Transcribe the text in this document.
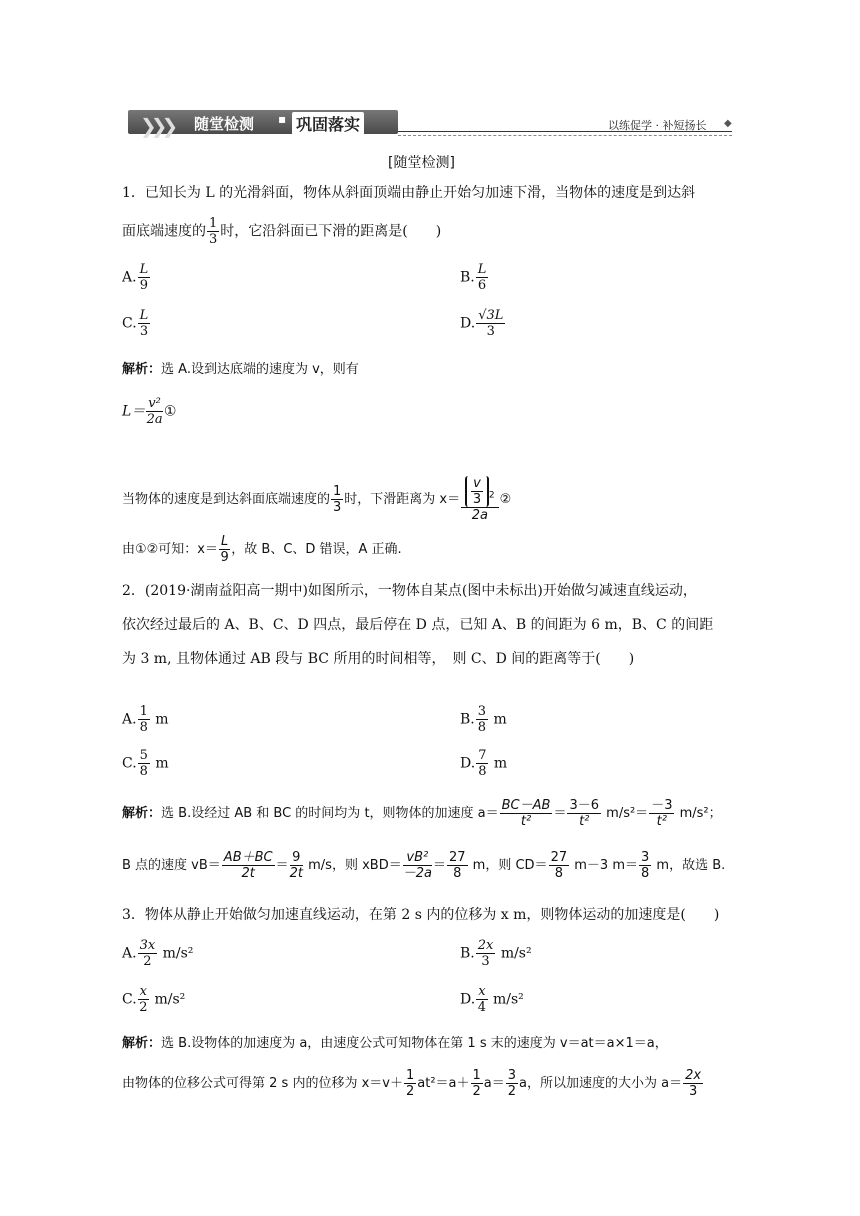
❯❯❯ 随堂检测 ▪ 巩固落实	以练促学 · 补短扬长 ◆
[随堂检测]
1．已知长为 L 的光滑斜面，物体从斜面顶端由静止开始匀加速下滑，当物体的速度是到达斜
面底端速度的 $\frac{1}{3}$ 时，它沿斜面已下滑的距离是(　　)
A. $\frac{L}{9}$	B. $\frac{L}{6}$
C. $\frac{L}{3}$	D. $\frac{√3L}{3}$
解析：选 A.设到达底端的速度为 v，则有
$L= \frac{\text{v²}}{2a}$ ①
当物体的速度是到达斜面底端速度的 $\frac{1}{3}$ 时，下滑距离为 x＝ v
3 $^2$
2a ②
由①②可知：$x= \frac{L}{9}$ ，故 B、C、D 错误，A 正确.
2．(2019·湖南益阳高一期中)如图所示，一物体自某点(图中未标出)开始做匀减速直线运动，
依次经过最后的 A、B、C、D 四点，最后停在 D 点，已知 A、B 的间距为 6 m，B、C 的间距
为 3 m, 且物体通过 AB 段与 BC 所用的时间相等，　则 C、D 间的距离等于(　　)
A. $\frac{1}{8}$ m	B. $\frac{3}{8}$ m
C. $\frac{5}{8}$ m	D. $\frac{7}{8}$ m
解析：选 B.设经过 AB 和 BC 的时间均为 t，则物体的加速度 $a= \frac{BC-AB}{\text{t²}} = \frac{3-6}{\text{t²}} m/s^2= \frac{-3}{\text{t²}} m/s^2$；
B 点的速度 $vB= \frac{AB+BC}{2t} = \frac{9}{2t} m/s$，则 $xBD= \frac{\text{vB²}}{-2a} = \frac{27}{8}$ m，则 $CD= \frac{27}{8} m-3$ $m= \frac{3}{8}$ m，故选 B.
3．物体从静止开始做匀加速直线运动，在第 2 s 内的位移为 x m，则物体运动的加速度是(　　)
A. $\frac{3x}{2} m/s^2$	B. $\frac{2x}{3} m/s^2$
C. $\frac{x}{2} m/s^2$	D. $\frac{x}{4} m/s^2$
解析：选 B.设物体的加速度为 a，由速度公式可知物体在第 1 s 末的速度为 v＝at＝a×1＝a，
由物体的位移公式可得第 2 s 内的位移为 $x=v+ \frac{1}{2} at^2=a+ \frac{1}{2} a= \frac{3}{2}$ a，所以加速度的大小为 $a= \frac{2x}{3}$
